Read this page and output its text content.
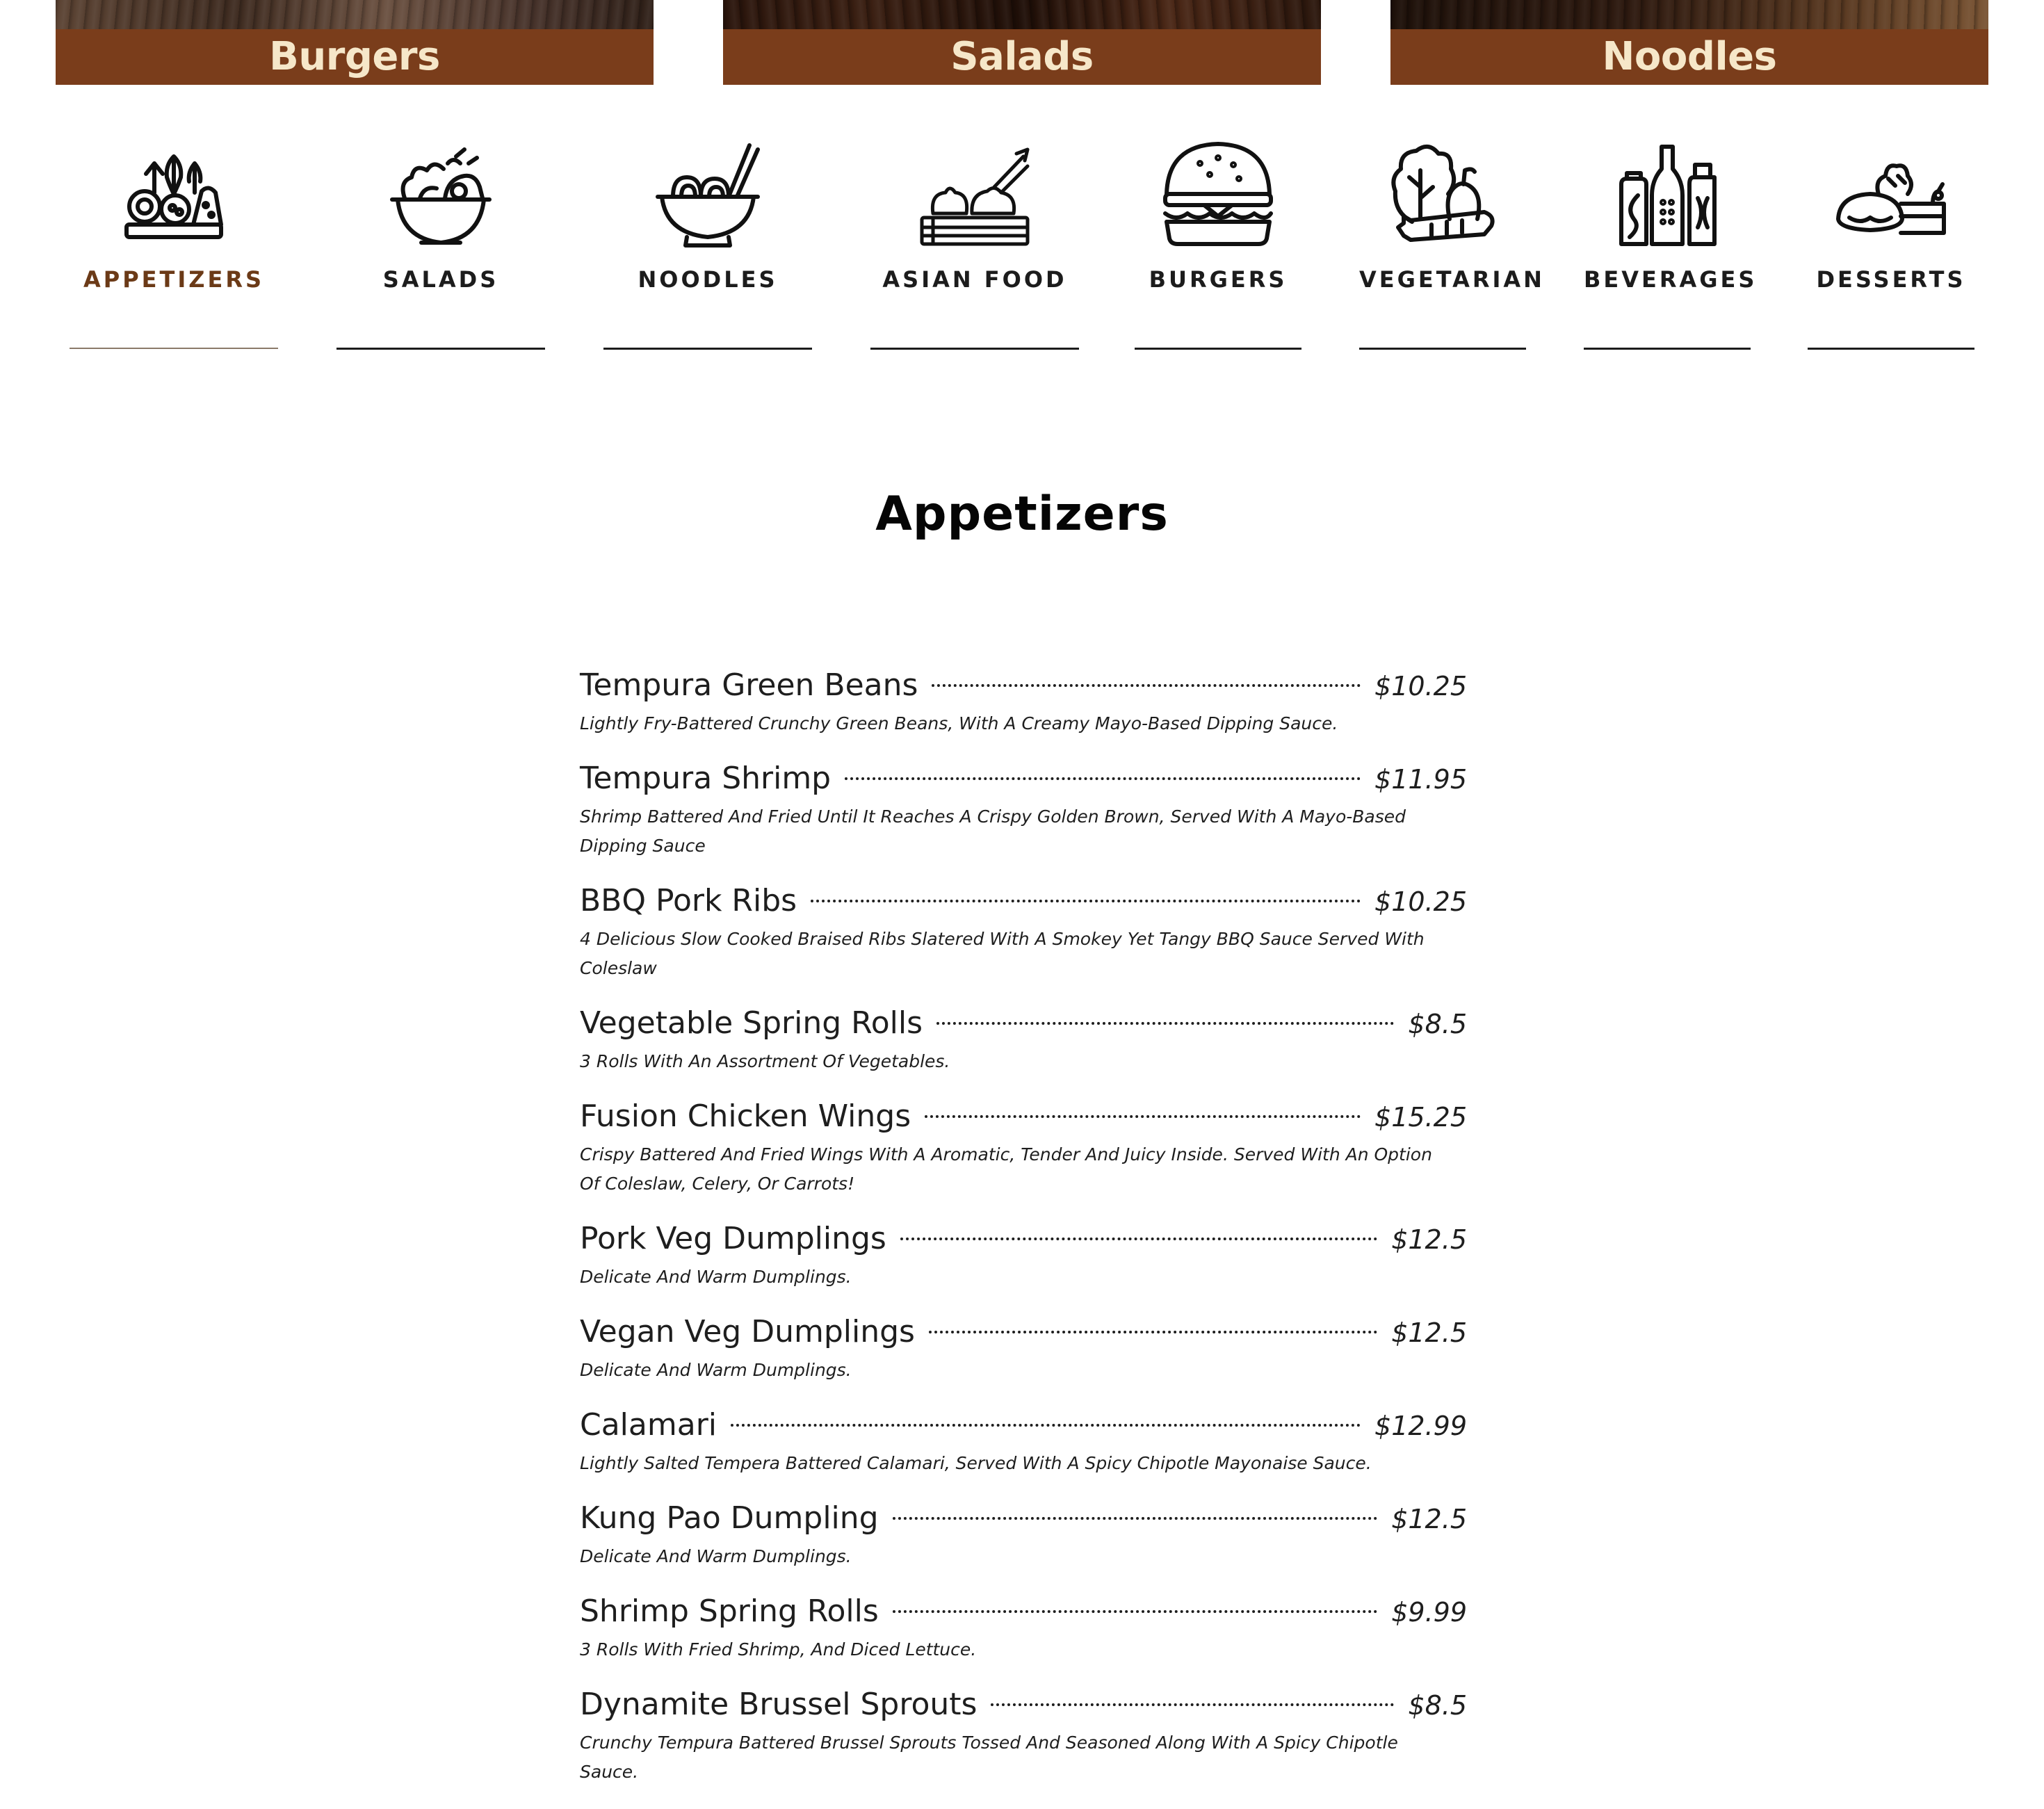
Burgers	Salads	Noodles
APPETIZERS	SALADS	NOODLES	ASIAN FOOD	BURGERS	VEGETARIAN BEVERAGES	DESSERTS
Appetizers
Tempura Green Beans	$10.25
Lightly Fry-Battered Crunchy Green Beans, With A Creamy Mayo-Based Dipping Sauce.
Tempura Shrimp	$11.95
Shrimp Battered And Fried Until It Reaches A Crispy Golden Brown, Served With A Mayo-Based Dipping Sauce
BBQ Pork Ribs	$10.25
4 Delicious Slow Cooked Braised Ribs Slatered With A Smokey Yet Tangy BBQ Sauce Served With Coleslaw
Vegetable Spring Rolls	$8.5
3 Rolls With An Assortment Of Vegetables.
Fusion Chicken Wings	$15.25
Crispy Battered And Fried Wings With A Aromatic, Tender And Juicy Inside. Served With An Option Of Coleslaw, Celery, Or Carrots!
Pork Veg Dumplings	$12.5
Delicate And Warm Dumplings.
Vegan Veg Dumplings	$12.5
Delicate And Warm Dumplings.
Calamari	$12.99
Lightly Salted Tempera Battered Calamari, Served With A Spicy Chipotle Mayonaise Sauce.
Kung Pao Dumpling	$12.5
Delicate And Warm Dumplings.
Shrimp Spring Rolls	$9.99
3 Rolls With Fried Shrimp, And Diced Lettuce.
Dynamite Brussel Sprouts	$8.5
Crunchy Tempura Battered Brussel Sprouts Tossed And Seasoned Along With A Spicy Chipotle Sauce.
